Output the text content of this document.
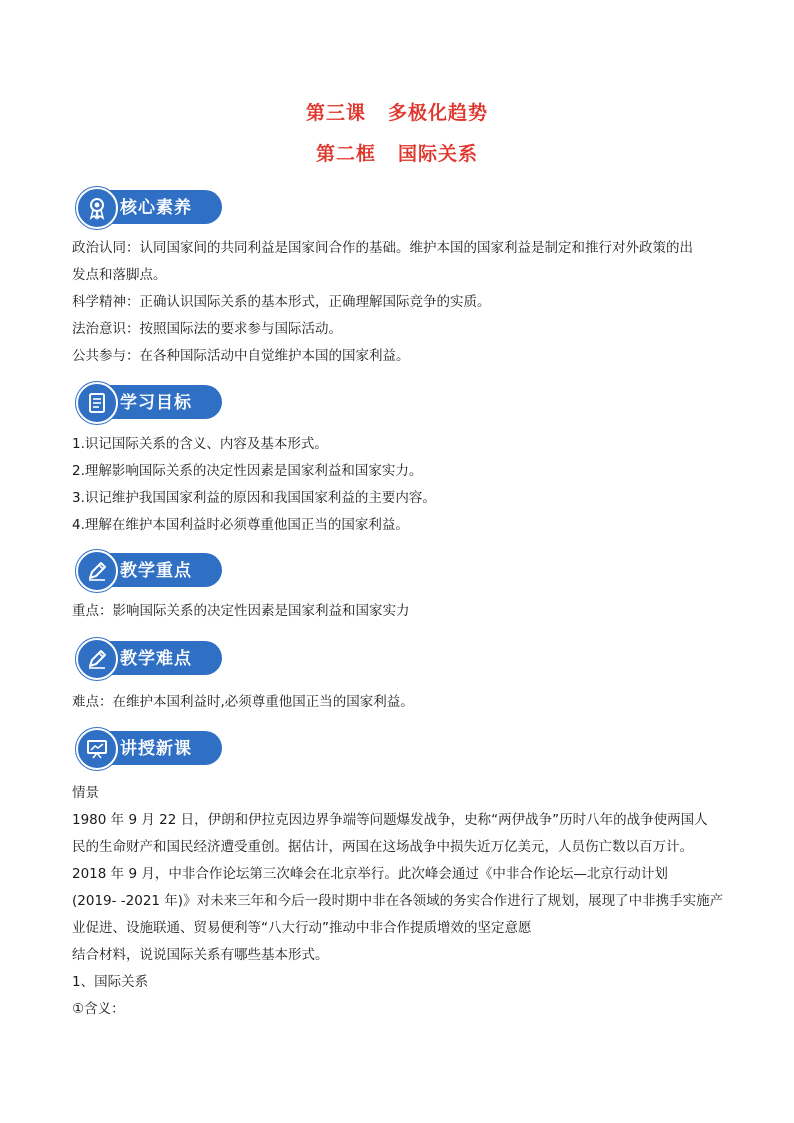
第三课 多极化趋势
第二框 国际关系
核心素养
政治认同：认同国家间的共同利益是国家间合作的基础。维护本国的国家利益是制定和推行对外政策的出
发点和落脚点。
科学精神：正确认识国际关系的基本形式，正确理解国际竞争的实质。
法治意识：按照国际法的要求参与国际活动。
公共参与：在各种国际活动中自觉维护本国的国家利益。
学习目标
1.识记国际关系的含义、内容及基本形式。
2.理解影响国际关系的决定性因素是国家利益和国家实力。
3.识记维护我国国家利益的原因和我国国家利益的主要内容。
4.理解在维护本国利益时必须尊重他国正当的国家利益。
教学重点
重点：影响国际关系的决定性因素是国家利益和国家实力
教学难点
难点：在维护本国利益时,必须尊重他国正当的国家利益。
讲授新课
情景
1980 年 9 月 22 日，伊朗和伊拉克因边界争端等问题爆发战争，史称“两伊战争”历时八年的战争使两国人
民的生命财产和国民经济遭受重创。据估计，两国在这场战争中损失近万亿美元，人员伤亡数以百万计。
2018 年 9 月，中非合作论坛第三次峰会在北京举行。此次峰会通过《中非合作论坛—北京行动计划
(2019- -2021 年)》对未来三年和今后一段时期中非在各领域的务实合作进行了规划，展现了中非携手实施产
业促进、设施联通、贸易便利等“八大行动”推动中非合作提质增效的坚定意愿
结合材料，说说国际关系有哪些基本形式。
1、国际关系
①含义：
